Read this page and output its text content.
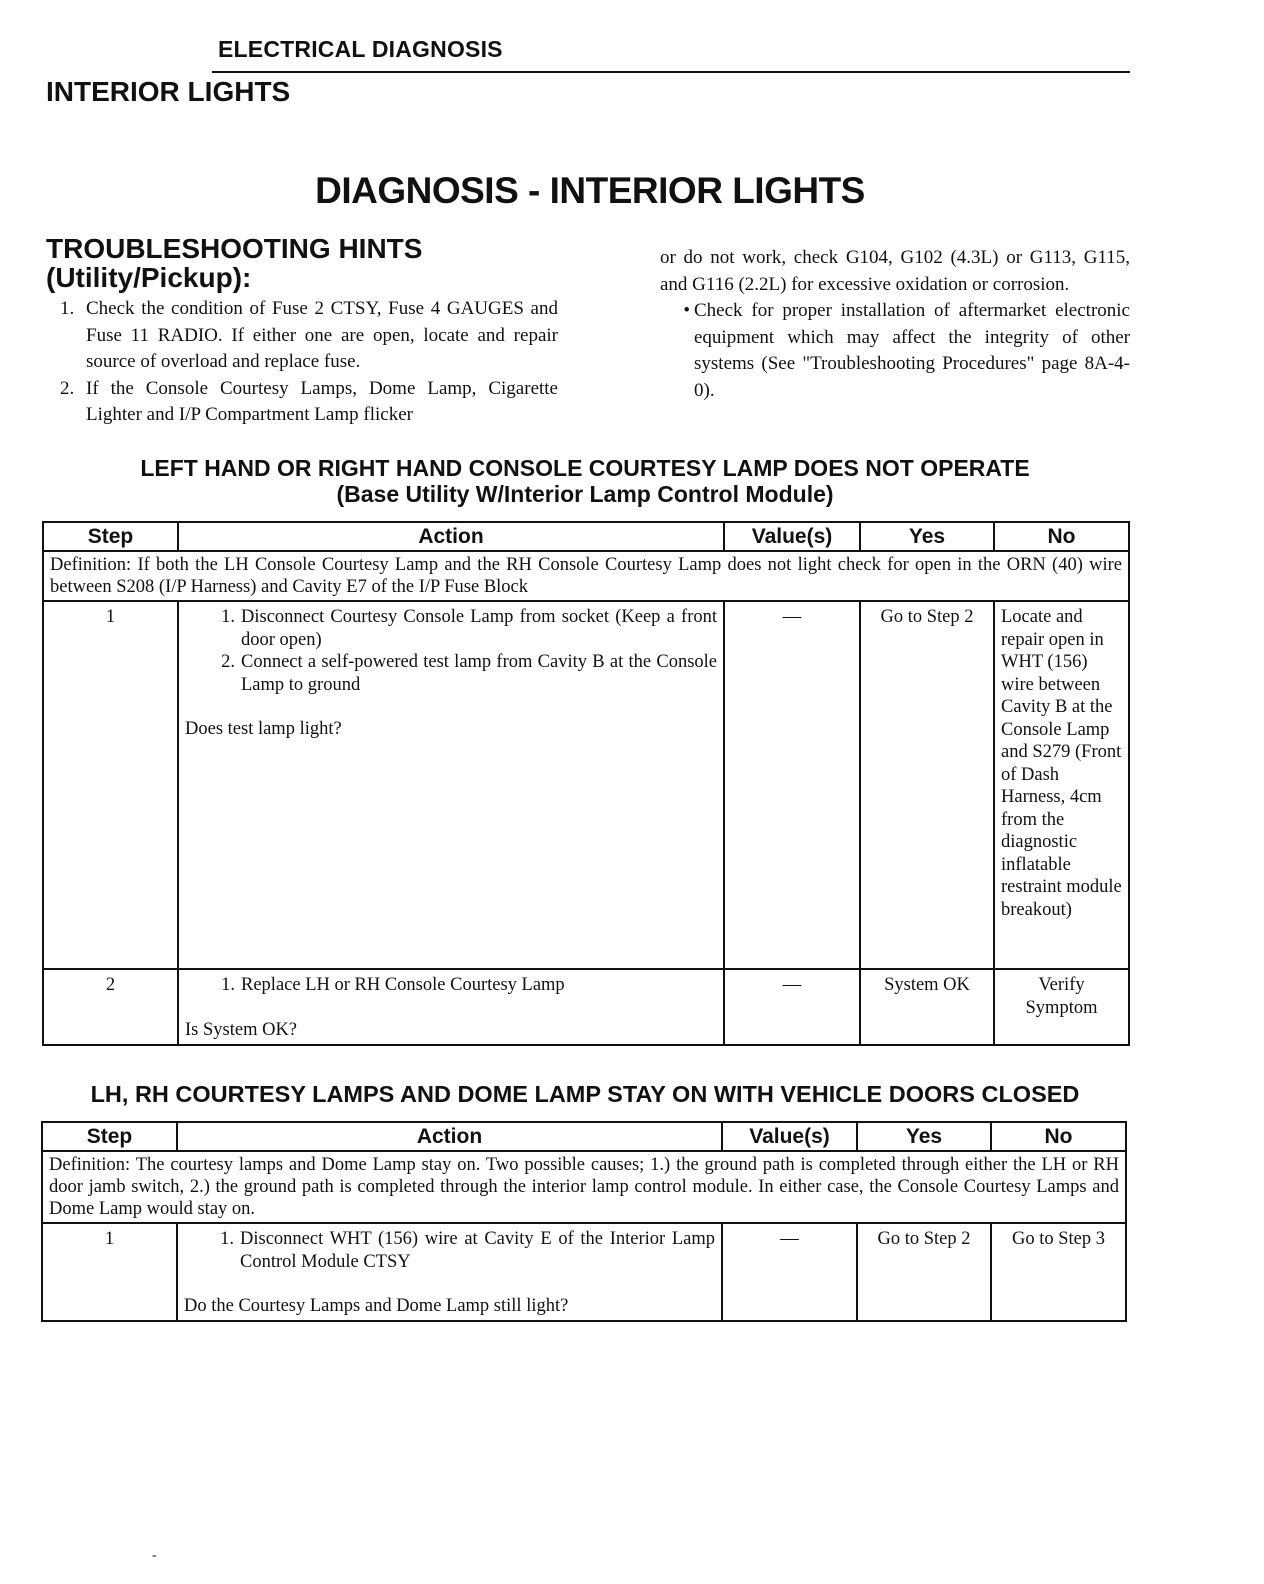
ELECTRICAL DIAGNOSIS
INTERIOR LIGHTS
DIAGNOSIS - INTERIOR LIGHTS
TROUBLESHOOTING HINTS
(Utility/Pickup):
1. Check the condition of Fuse 2 CTSY, Fuse 4 GAUGES and Fuse 11 RADIO. If either one are open, locate and repair source of overload and replace fuse.
2. If the Console Courtesy Lamps, Dome Lamp, Cigarette Lighter and I/P Compartment Lamp flicker
or do not work, check G104, G102 (4.3L) or G113, G115, and G116 (2.2L) for excessive oxidation or corrosion.
• Check for proper installation of aftermarket electronic equipment which may affect the integrity of other systems (See "Troubleshooting Procedures" page 8A-4-0).
LEFT HAND OR RIGHT HAND CONSOLE COURTESY LAMP DOES NOT OPERATE
(Base Utility W/Interior Lamp Control Module)
Step	Action	Value(s)	Yes	No
Definition: If both the LH Console Courtesy Lamp and the RH Console Courtesy Lamp does not light check for open in the ORN (40) wire between S208 (I/P Harness) and Cavity E7 of the I/P Fuse Block				
1	1. Disconnect Courtesy Console Lamp from socket (Keep a front door open)
2. Connect a self-powered test lamp from Cavity B at the Console Lamp to ground
Does test lamp light?	—	Go to Step 2	Locate and repair open in WHT (156) wire between Cavity B at the Console Lamp and S279 (Front of Dash Harness, 4cm from the diagnostic inflatable restraint module breakout)
2	1. Replace LH or RH Console Courtesy Lamp
Is System OK?	—	System OK	Verify Symptom
LH, RH COURTESY LAMPS AND DOME LAMP STAY ON WITH VEHICLE DOORS CLOSED
Step	Action	Value(s)	Yes	No
Definition: The courtesy lamps and Dome Lamp stay on. Two possible causes; 1.) the ground path is completed through either the LH or RH door jamb switch, 2.) the ground path is completed through the interior lamp control module. In either case, the Console Courtesy Lamps and Dome Lamp would stay on.				
1	1. Disconnect WHT (156) wire at Cavity E of the Interior Lamp Control Module CTSY
Do the Courtesy Lamps and Dome Lamp still light?	—	Go to Step 2	Go to Step 3
-
